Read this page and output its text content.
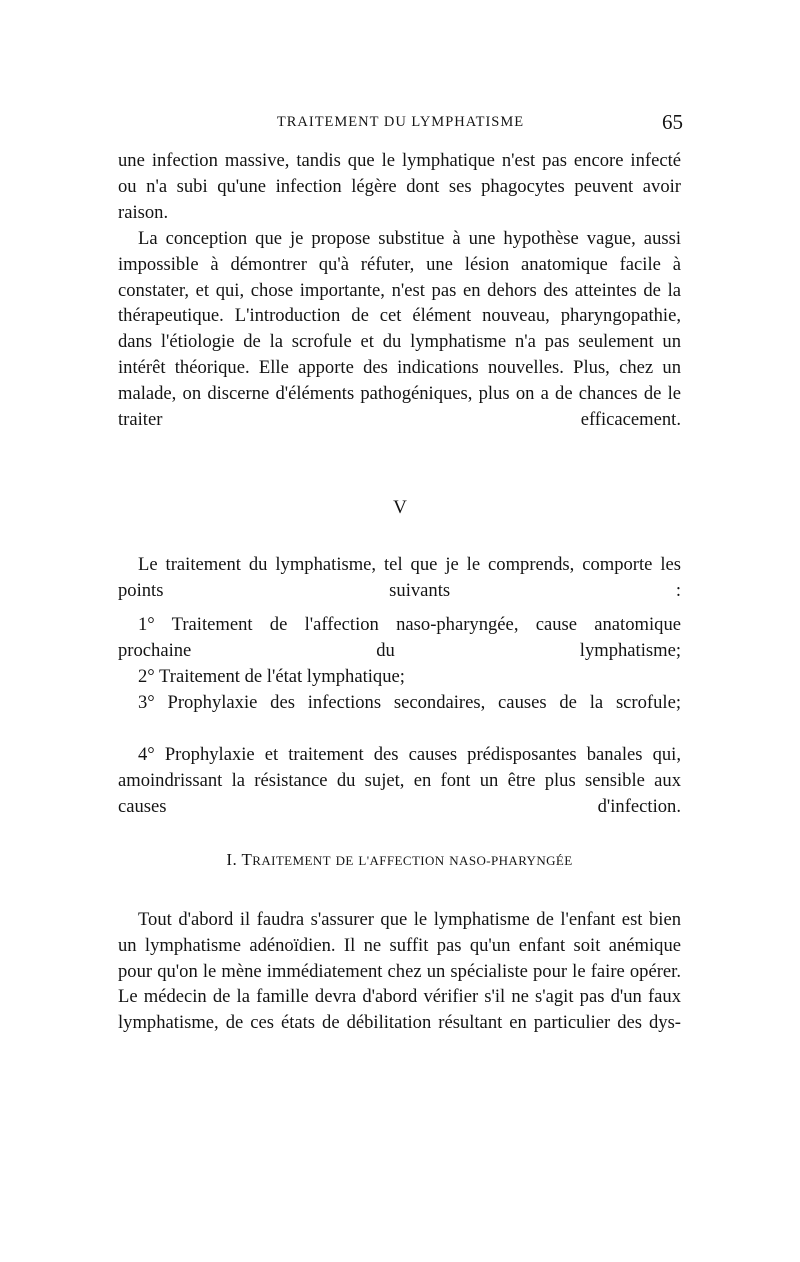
TRAITEMENT DU LYMPHATISME	65

une infection massive, tandis que le lymphatique n'est pas encore infecté ou n'a subi qu'une infection légère dont ses phagocytes peuvent avoir raison.

La conception que je propose substitue à une hypothèse vague, aussi impossible à démontrer qu'à réfuter, une lésion anatomique facile à constater, et qui, chose importante, n'est pas en dehors des atteintes de la thérapeutique. L'introduction de cet élément nouveau, pharyngopathie, dans l'étiologie de la scrofule et du lymphatisme n'a pas seulement un intérêt théorique. Elle apporte des indications nouvelles. Plus, chez un malade, on discerne d'éléments pathogéniques, plus on a de chances de le traiter efficacement.

V

Le traitement du lymphatisme, tel que je le comprends, comporte les points suivants :

1° Traitement de l'affection naso-pharyngée, cause anatomique prochaine du lymphatisme;

2° Traitement de l'état lymphatique;

3° Prophylaxie des infections secondaires, causes de la scrofule;

4° Prophylaxie et traitement des causes prédisposantes banales qui, amoindrissant la résistance du sujet, en font un être plus sensible aux causes d'infection.

I. TRAITEMENT DE L'AFFECTION NASO-PHARYNGÉE

Tout d'abord il faudra s'assurer que le lymphatisme de l'enfant est bien un lymphatisme adénoïdien. Il ne suffit pas qu'un enfant soit anémique pour qu'on le mène immédiatement chez un spécialiste pour le faire opérer. Le médecin de la famille devra d'abord vérifier s'il ne s'agit pas d'un faux lymphatisme, de ces états de débilitation résultant en particulier des dys-
